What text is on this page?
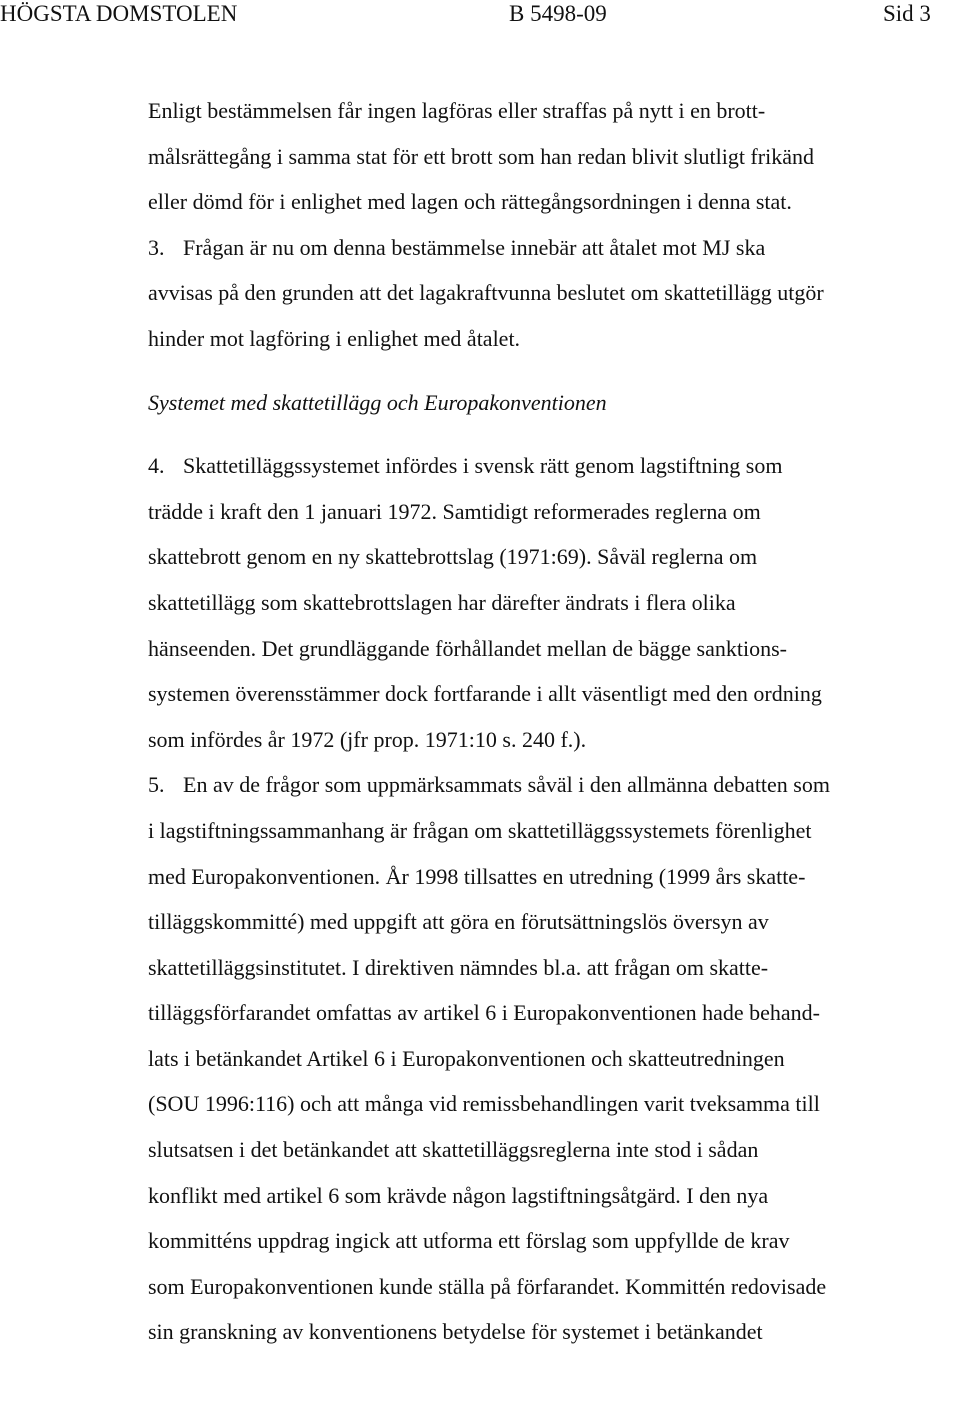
HÖGSTA DOMSTOLEN	B 5498-09	Sid 3
Enligt bestämmelsen får ingen lagföras eller straffas på nytt i en brott-
målsrättegång i samma stat för ett brott som han redan blivit slutligt frikänd
eller dömd för i enlighet med lagen och rättegångsordningen i denna stat.
3. Frågan är nu om denna bestämmelse innebär att åtalet mot MJ ska
avvisas på den grunden att det lagakraftvunna beslutet om skattetillägg utgör
hinder mot lagföring i enlighet med åtalet.
Systemet med skattetillägg och Europakonventionen
4. Skattetilläggssystemet infördes i svensk rätt genom lagstiftning som
trädde i kraft den 1 januari 1972. Samtidigt reformerades reglerna om
skattebrott genom en ny skattebrottslag (1971:69). Såväl reglerna om
skattetillägg som skattebrottslagen har därefter ändrats i flera olika
hänseenden. Det grundläggande förhållandet mellan de bägge sanktions-
systemen överensstämmer dock fortfarande i allt väsentligt med den ordning
som infördes år 1972 (jfr prop. 1971:10 s. 240 f.).
5. En av de frågor som uppmärksammats såväl i den allmänna debatten som
i lagstiftningssammanhang är frågan om skattetilläggssystemets förenlighet
med Europakonventionen. År 1998 tillsattes en utredning (1999 års skatte-
tilläggskommitté) med uppgift att göra en förutsättningslös översyn av
skattetilläggsinstitutet. I direktiven nämndes bl.a. att frågan om skatte-
tilläggsförfarandet omfattas av artikel 6 i Europakonventionen hade behand-
lats i betänkandet Artikel 6 i Europakonventionen och skatteutredningen
(SOU 1996:116) och att många vid remissbehandlingen varit tveksamma till
slutsatsen i det betänkandet att skattetilläggsreglerna inte stod i sådan
konflikt med artikel 6 som krävde någon lagstiftningsåtgärd. I den nya
kommitténs uppdrag ingick att utforma ett förslag som uppfyllde de krav
som Europakonventionen kunde ställa på förfarandet. Kommittén redovisade
sin granskning av konventionens betydelse för systemet i betänkandet
